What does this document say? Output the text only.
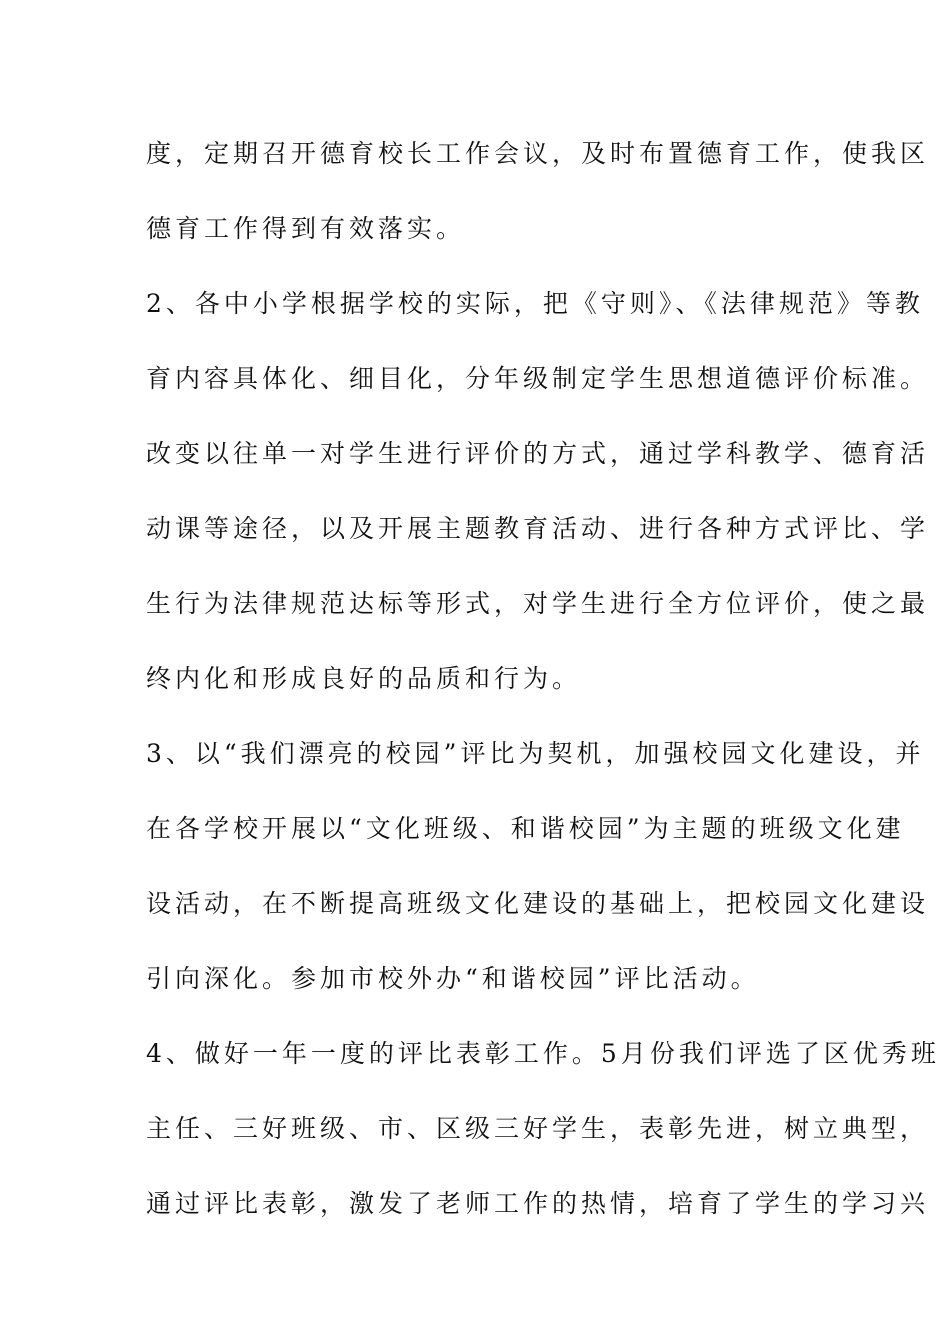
度，定期召开德育校长工作会议，及时布置德育工作，使我区
德育工作得到有效落实。
2、各中小学根据学校的实际，把《守则》、《法律规范》等教
育内容具体化、细目化，分年级制定学生思想道德评价标准。
改变以往单一对学生进行评价的方式，通过学科教学、德育活
动课等途径，以及开展主题教育活动、进行各种方式评比、学
生行为法律规范达标等形式，对学生进行全方位评价，使之最
终内化和形成良好的品质和行为。
3、以“我们漂亮的校园”评比为契机，加强校园文化建设，并
在各学校开展以“文化班级、和谐校园”为主题的班级文化建
设活动，在不断提高班级文化建设的基础上，把校园文化建设
引向深化。参加市校外办“和谐校园”评比活动。
4、做好一年一度的评比表彰工作。5月份我们评选了区优秀班
主任、三好班级、市、区级三好学生，表彰先进，树立典型，
通过评比表彰，激发了老师工作的热情，培育了学生的学习兴
